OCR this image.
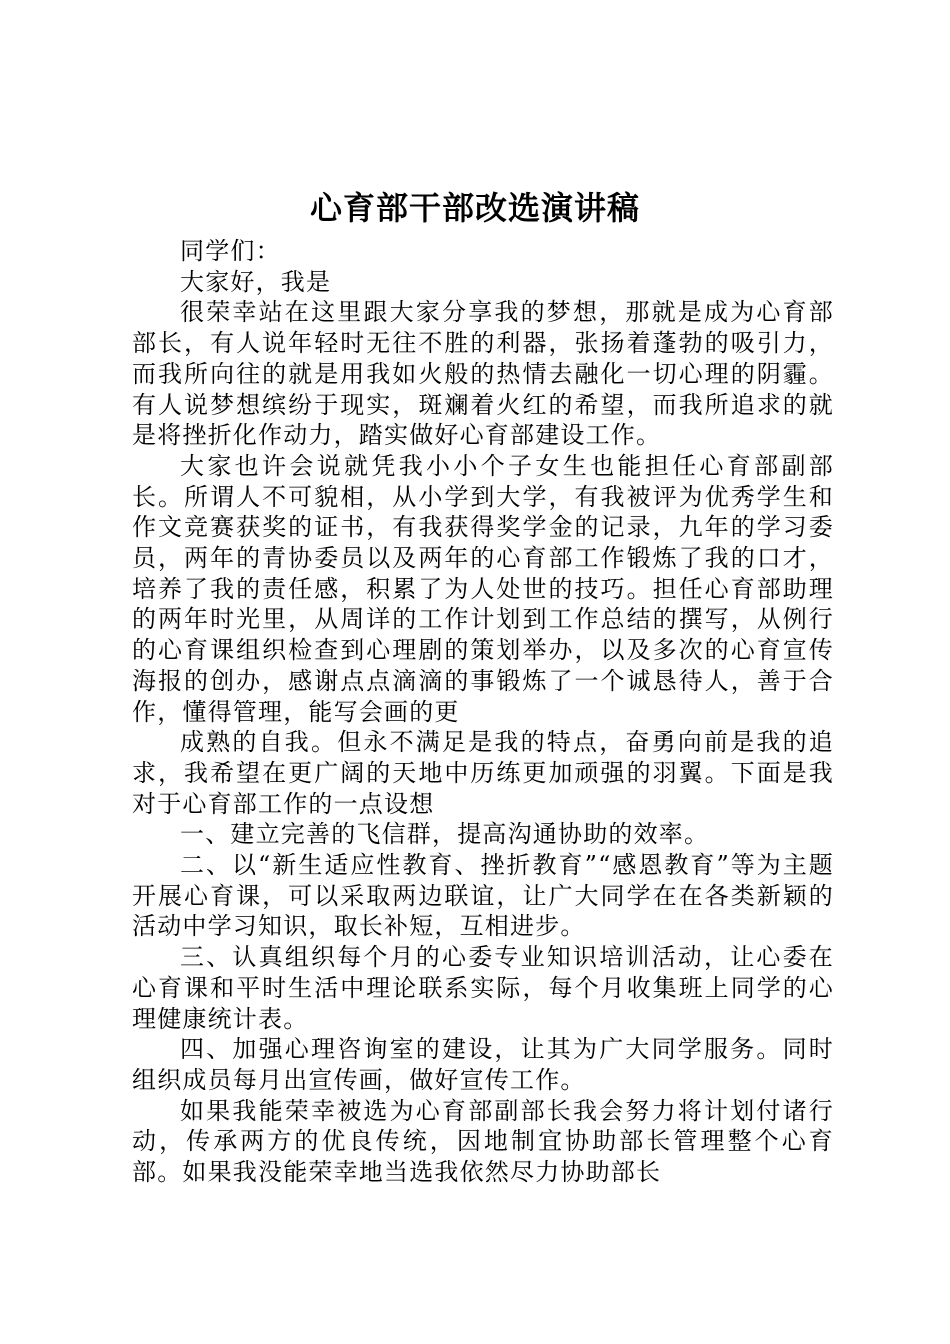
心育部干部改选演讲稿

同学们：

大家好，我是

很荣幸站在这里跟大家分享我的梦想，那就是成为心育部部长，有人说年轻时无往不胜的利器，张扬着蓬勃的吸引力，而我所向往的就是用我如火般的热情去融化一切心理的阴霾。有人说梦想缤纷于现实，斑斓着火红的希望，而我所追求的就是将挫折化作动力，踏实做好心育部建设工作。

大家也许会说就凭我小小个子女生也能担任心育部副部长。所谓人不可貌相，从小学到大学，有我被评为优秀学生和作文竞赛获奖的证书，有我获得奖学金的记录，九年的学习委员，两年的青协委员以及两年的心育部工作锻炼了我的口才，培养了我的责任感，积累了为人处世的技巧。担任心育部助理的两年时光里，从周详的工作计划到工作总结的撰写，从例行的心育课组织检查到心理剧的策划举办，以及多次的心育宣传海报的创办，感谢点点滴滴的事锻炼了一个诚恳待人，善于合作，懂得管理，能写会画的更

成熟的自我。但永不满足是我的特点，奋勇向前是我的追求，我希望在更广阔的天地中历练更加顽强的羽翼。下面是我对于心育部工作的一点设想

一、建立完善的飞信群，提高沟通协助的效率。

二、以“新生适应性教育、挫折教育”“感恩教育”等为主题开展心育课，可以采取两边联谊，让广大同学在在各类新颖的活动中学习知识，取长补短，互相进步。

三、认真组织每个月的心委专业知识培训活动，让心委在心育课和平时生活中理论联系实际，每个月收集班上同学的心理健康统计表。

四、加强心理咨询室的建设，让其为广大同学服务。同时组织成员每月出宣传画，做好宣传工作。

如果我能荣幸被选为心育部副部长我会努力将计划付诸行动，传承两方的优良传统，因地制宜协助部长管理整个心育部。如果我没能荣幸地当选我依然尽力协助部长
